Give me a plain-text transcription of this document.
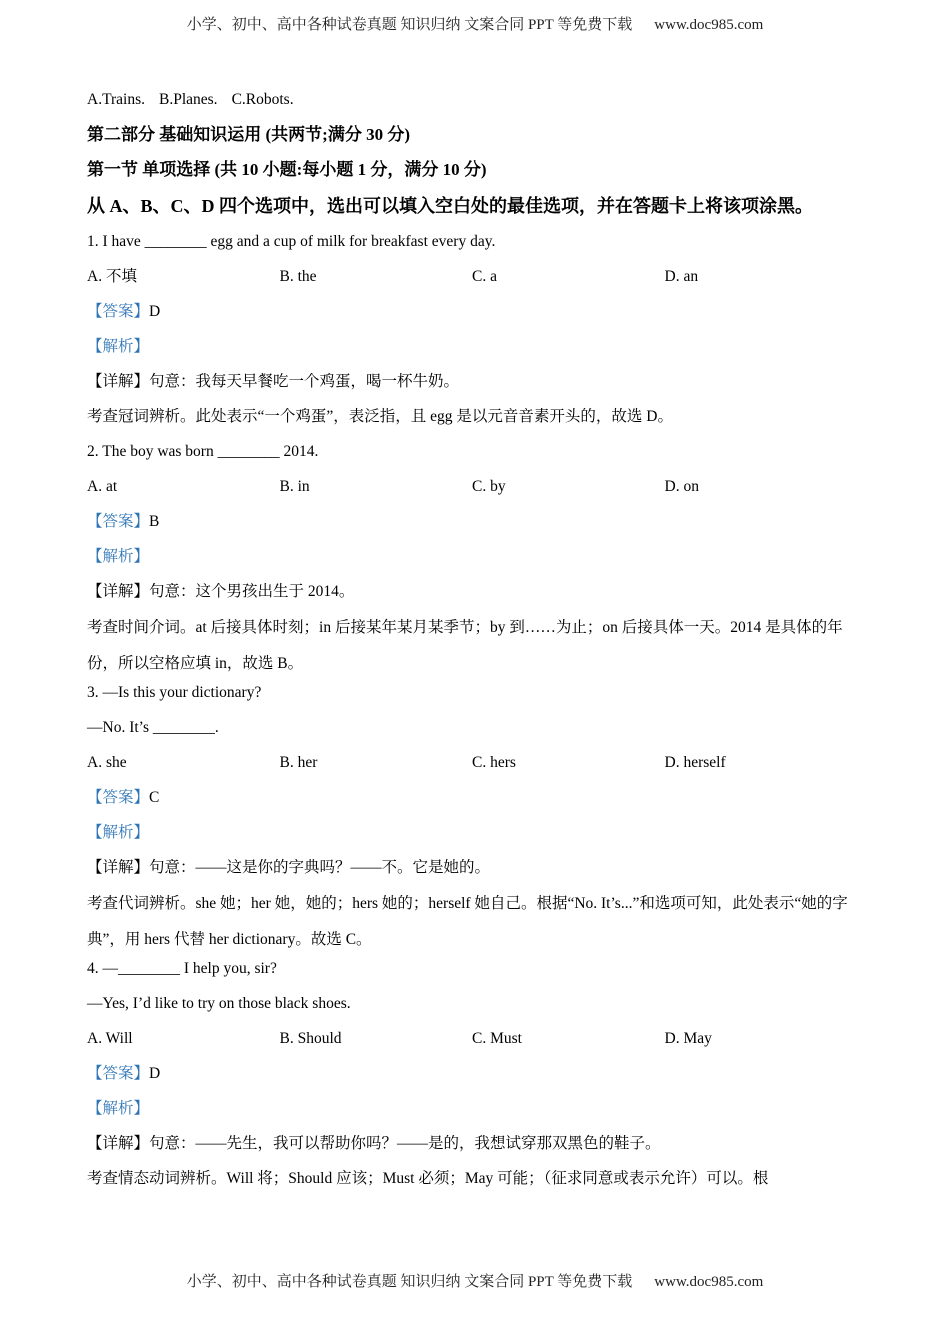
小学、初中、高中各种试卷真题 知识归纳 文案合同 PPT 等免费下载 www.doc985.com
A.Trains. B.Planes. C.Robots.
第二部分 基础知识运用 (共两节;满分 30 分)
第一节 单项选择 (共 10 小题:每小题 1 分，满分 10 分)
从 A、B、C、D 四个选项中，选出可以填入空白处的最佳选项，并在答题卡上将该项涂黑。
1. I have ________ egg and a cup of milk for breakfast every day.
A. 不填	B. the	C. a	D. an
【答案】D
【解析】
【详解】句意：我每天早餐吃一个鸡蛋，喝一杯牛奶。
考查冠词辨析。此处表示“一个鸡蛋”，表泛指，且 egg 是以元音音素开头的，故选 D。
2. The boy was born ________ 2014.
A. at	B. in	C. by	D. on
【答案】B
【解析】
【详解】句意：这个男孩出生于 2014。
考查时间介词。at 后接具体时刻；in 后接某年某月某季节；by 到……为止；on 后接具体一天。2014 是具体的年份，所以空格应填 in，故选 B。
3. —Is this your dictionary?
—No. It’s ________.
A. she	B. her	C. hers	D. herself
【答案】C
【解析】
【详解】句意：——这是你的字典吗？——不。它是她的。
考查代词辨析。she 她；her 她，她的；hers 她的；herself 她自己。根据“No. It’s...”和选项可知，此处表示“她的字典”，用 hers 代替 her dictionary。故选 C。
4. —________ I help you, sir?
—Yes, I’d like to try on those black shoes.
A. Will	B. Should	C. Must	D. May
【答案】D
【解析】
【详解】句意：——先生，我可以帮助你吗？——是的，我想试穿那双黑色的鞋子。
考查情态动词辨析。Will 将；Should 应该；Must 必须；May 可能；（征求同意或表示允许）可以。根
小学、初中、高中各种试卷真题 知识归纳 文案合同 PPT 等免费下载 www.doc985.com
